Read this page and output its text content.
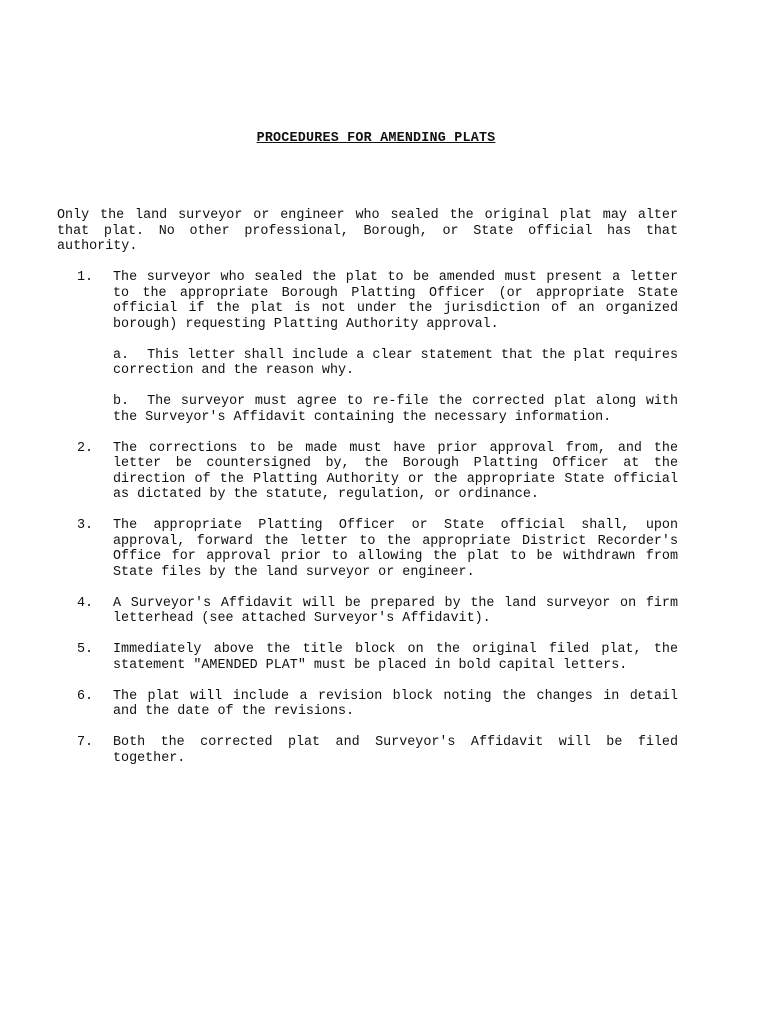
PROCEDURES FOR AMENDING PLATS
Only the land surveyor or engineer who sealed the original plat may alter that plat. No other professional, Borough, or State official has that authority.
1. The surveyor who sealed the plat to be amended must present a letter to the appropriate Borough Platting Officer (or appropriate State official if the plat is not under the jurisdiction of an organized borough) requesting Platting Authority approval.
a. This letter shall include a clear statement that the plat requires correction and the reason why.
b. The surveyor must agree to re-file the corrected plat along with the Surveyor's Affidavit containing the necessary information.
2. The corrections to be made must have prior approval from, and the letter be countersigned by, the Borough Platting Officer at the direction of the Platting Authority or the appropriate State official as dictated by the statute, regulation, or ordinance.
3. The appropriate Platting Officer or State official shall, upon approval, forward the letter to the appropriate District Recorder's Office for approval prior to allowing the plat to be withdrawn from State files by the land surveyor or engineer.
4. A Surveyor's Affidavit will be prepared by the land surveyor on firm letterhead (see attached Surveyor's Affidavit).
5. Immediately above the title block on the original filed plat, the statement "AMENDED PLAT" must be placed in bold capital letters.
6. The plat will include a revision block noting the changes in detail and the date of the revisions.
7. Both the corrected plat and Surveyor's Affidavit will be filed together.
